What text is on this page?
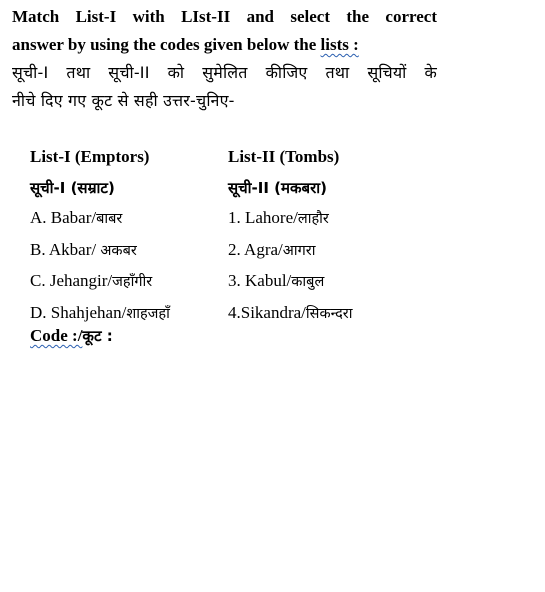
Match List-I with LIst-II and select the correct
answer by using the codes given below the lists :
सूची-I तथा सूची-II को सुमेलित कीजिए तथा सूचियों के
नीचे दिए गए कूट से सही उत्तर-चुनिए-
List-I (Emptors)
सूची-I (सम्राट)
A. Babar/बाबर
B. Akbar/ अकबर
C. Jehangir/जहाँगीर
D. Shahjehan/शाहजहाँ
List-II (Tombs)
सूची-II (मकबरा)
1. Lahore/लाहौर
2. Agra/आगरा
3. Kabul/काबुल
4.Sikandra/सिकन्दरा
Code :/कूट :
